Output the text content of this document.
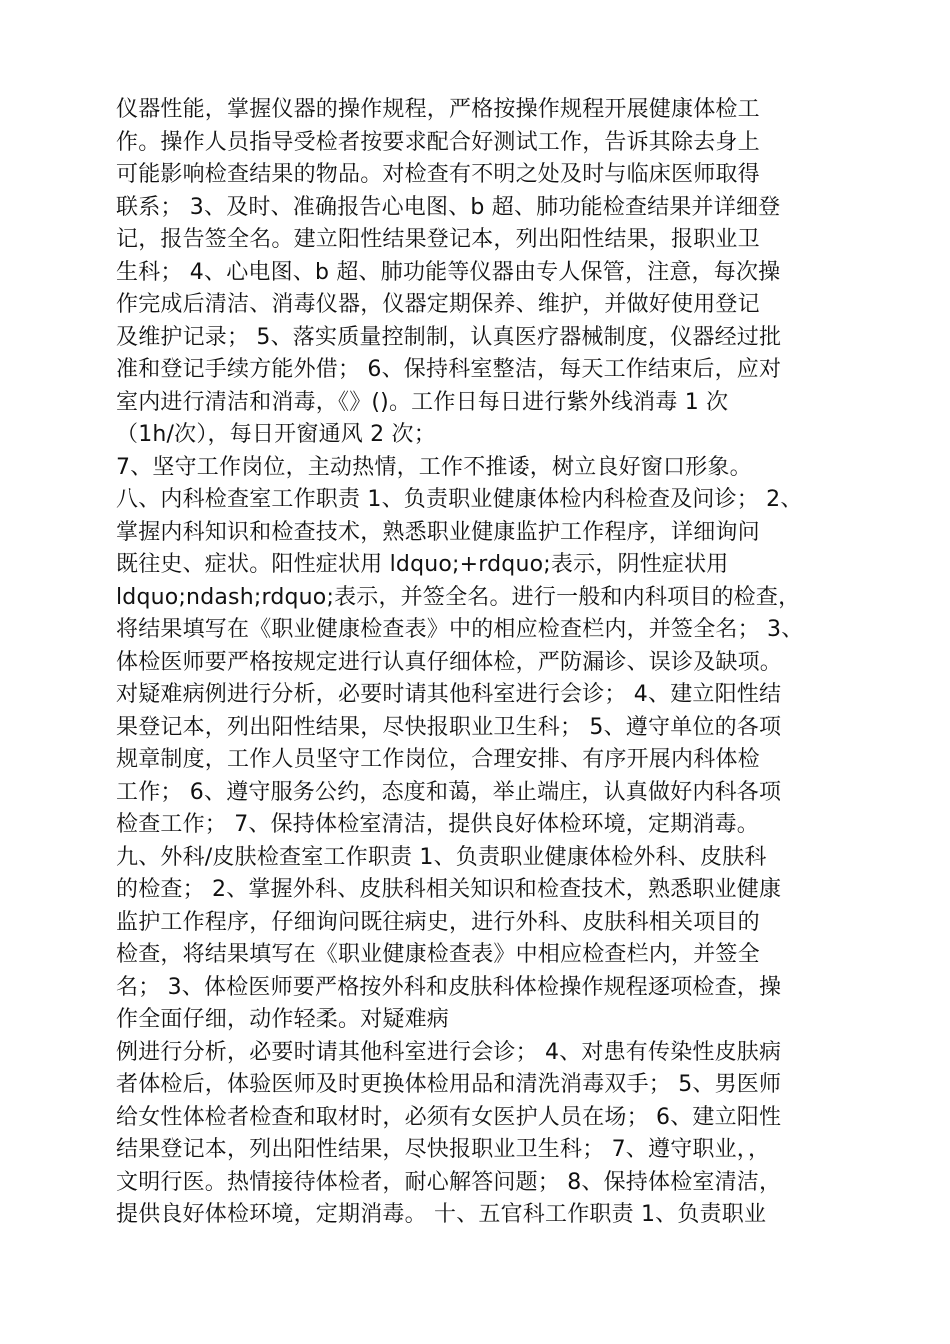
仪器性能，掌握仪器的操作规程，严格按操作规程开展健康体检工
作。操作人员指导受检者按要求配合好测试工作，告诉其除去身上
可能影响检查结果的物品。对检查有不明之处及时与临床医师取得
联系； 3、及时、准确报告心电图、b 超、肺功能检查结果并详细登
记，报告签全名。建立阳性结果登记本，列出阳性结果，报职业卫
生科； 4、心电图、b 超、肺功能等仪器由专人保管，注意，每次操
作完成后清洁、消毒仪器，仪器定期保养、维护，并做好使用登记
及维护记录； 5、落实质量控制制，认真医疗器械制度，仪器经过批
准和登记手续方能外借； 6、保持科室整洁，每天工作结束后，应对
室内进行清洁和消毒，《》()。工作日每日进行紫外线消毒 1 次
（1h/次），每日开窗通风 2 次；
7、坚守工作岗位，主动热情，工作不推诿，树立良好窗口形象。
八、内科检查室工作职责 1、负责职业健康体检内科检查及问诊； 2、
掌握内科知识和检查技术，熟悉职业健康监护工作程序，详细询问
既往史、症状。阳性症状用 ldquo;+rdquo;表示，阴性症状用
ldquo;ndash;rdquo;表示，并签全名。进行一般和内科项目的检查，
将结果填写在《职业健康检查表》中的相应检查栏内，并签全名； 3、
体检医师要严格按规定进行认真仔细体检，严防漏诊、误诊及缺项。
对疑难病例进行分析，必要时请其他科室进行会诊； 4、建立阳性结
果登记本，列出阳性结果，尽快报职业卫生科； 5、遵守单位的各项
规章制度，工作人员坚守工作岗位，合理安排、有序开展内科体检
工作； 6、遵守服务公约，态度和蔼，举止端庄，认真做好内科各项
检查工作； 7、保持体检室清洁，提供良好体检环境，定期消毒。
九、外科/皮肤检查室工作职责 1、负责职业健康体检外科、皮肤科
的检查； 2、掌握外科、皮肤科相关知识和检查技术，熟悉职业健康
监护工作程序，仔细询问既往病史，进行外科、皮肤科相关项目的
检查，将结果填写在《职业健康检查表》中相应检查栏内，并签全
名； 3、体检医师要严格按外科和皮肤科体检操作规程逐项检查，操
作全面仔细，动作轻柔。对疑难病
例进行分析，必要时请其他科室进行会诊； 4、对患有传染性皮肤病
者体检后，体验医师及时更换体检用品和清洗消毒双手； 5、男医师
给女性体检者检查和取材时，必须有女医护人员在场； 6、建立阳性
结果登记本，列出阳性结果，尽快报职业卫生科； 7、遵守职业，，
文明行医。热情接待体检者，耐心解答问题； 8、保持体检室清洁，
提供良好体检环境，定期消毒。 十、五官科工作职责 1、负责职业
